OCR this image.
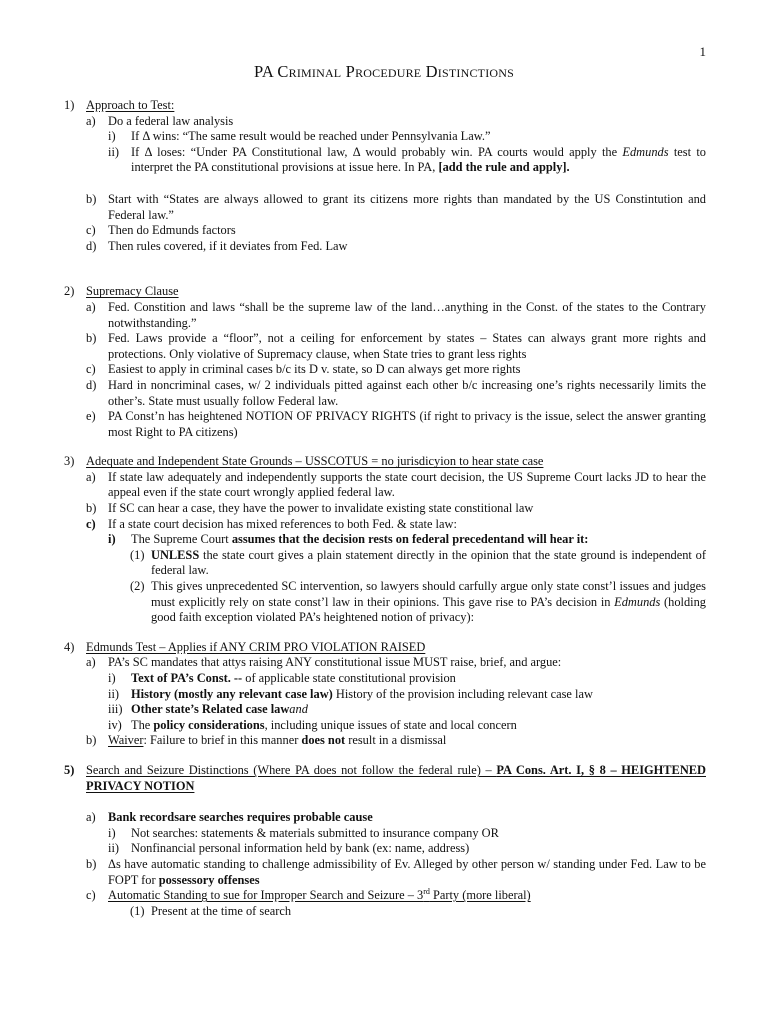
1
PA Criminal Procedure Distinctions
1) Approach to Test:
a) Do a federal law analysis
i) If Δ wins: “The same result would be reached under Pennsylvania Law.”
ii) If Δ loses: “Under PA Constitutional law, Δ would probably win. PA courts would apply the Edmunds test to interpret the PA constitutional provisions at issue here. In PA, [add the rule and apply].
b) Start with “States are always allowed to grant its citizens more rights than mandated by the US Constintution and Federal law.”
c) Then do Edmunds factors
d) Then rules covered, if it deviates from Fed. Law
2) Supremacy Clause
a) Fed. Constition and laws “shall be the supreme law of the land…anything in the Const. of the states to the Contrary notwithstanding.”
b) Fed. Laws provide a “floor”, not a ceiling for enforcement by states – States can always grant more rights and protections. Only violative of Supremacy clause, when State tries to grant less rights
c) Easiest to apply in criminal cases b/c its D v. state, so D can always get more rights
d) Hard in noncriminal cases, w/ 2 individuals pitted against each other b/c increasing one’s rights necessarily limits the other’s. State must usually follow Federal law.
e) PA Const’n has heightened NOTION OF PRIVACY RIGHTS (if right to privacy is the issue, select the answer granting most Right to PA citizens)
3) Adequate and Independent State Grounds – USSCOTUS = no jurisdicyion to hear state case
a) If state law adequately and independently supports the state court decision, the US Supreme Court lacks JD to hear the appeal even if the state court wrongly applied federal law.
b) If SC can hear a case, they have the power to invalidate existing state constitional law
c) If a state court decision has mixed references to both Fed. & state law:
i) The Supreme Court assumes that the decision rests on federal precedentand will hear it:
(1) UNLESS the state court gives a plain statement directly in the opinion that the state ground is independent of federal law.
(2) This gives unprecedented SC intervention, so lawyers should carfully argue only state const’l issues and judges must explicitly rely on state const’l law in their opinions. This gave rise to PA’s decision in Edmunds (holding good faith exception violated PA’s heightened notion of privacy):
4) Edmunds Test – Applies if ANY CRIM PRO VIOLATION RAISED
a) PA’s SC mandates that attys raising ANY constitutional issue MUST raise, brief, and argue:
i) Text of PA’s Const. -- of applicable state constitutional provision
ii) History (mostly any relevant case law) History of the provision including relevant case law
iii) Other state’s Related case lawand
iv) The policy considerations, including unique issues of state and local concern
b) Waiver: Failure to brief in this manner does not result in a dismissal
5) Search and Seizure Distinctions (Where PA does not follow the federal rule) – PA Cons. Art. I, § 8 – HEIGHTENED PRIVACY NOTION
a) Bank recordsare searches requires probable cause
i) Not searches: statements & materials submitted to insurance company OR
ii) Nonfinancial personal information held by bank (ex: name, address)
b) Δs have automatic standing to challenge admissibility of Ev. Alleged by other person w/ standing under Fed. Law to be FOPT for possessory offenses
c) Automatic Standing to sue for Improper Search and Seizure – 3rd Party (more liberal)
(1) Present at the time of search
